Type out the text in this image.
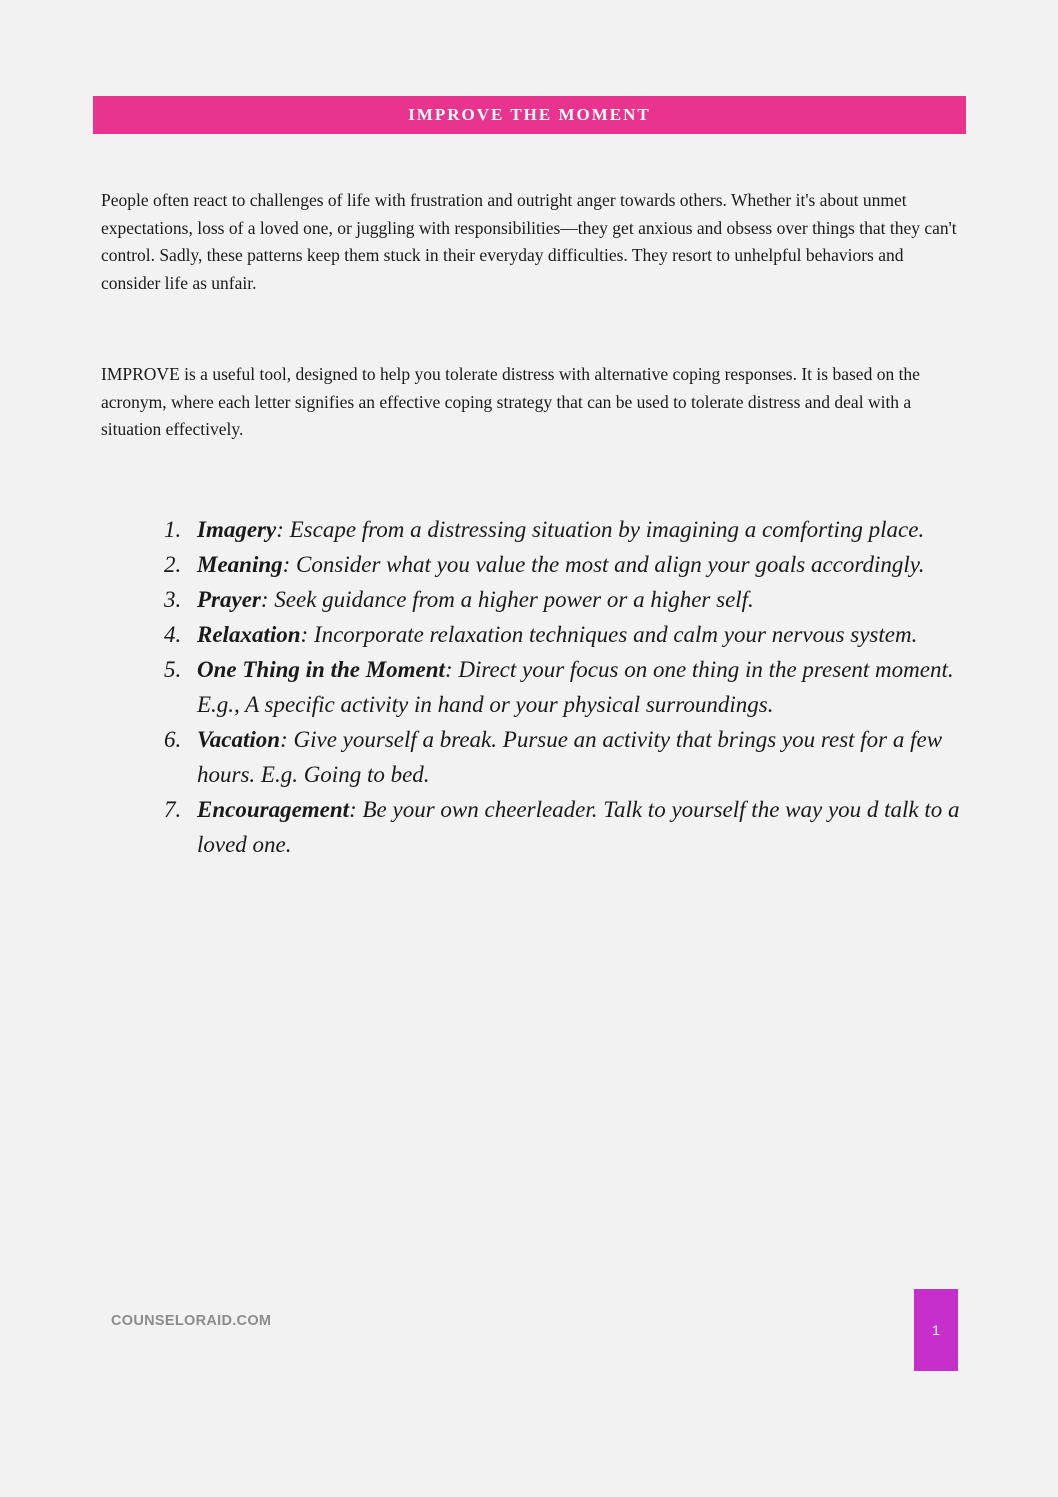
IMPROVE THE MOMENT

People often react to challenges of life with frustration and outright anger towards others. Whether it's about unmet expectations, loss of a loved one, or juggling with responsibilities—they get anxious and obsess over things that they can't control. Sadly, these patterns keep them stuck in their everyday difficulties. They resort to unhelpful behaviors and consider life as unfair.

IMPROVE is a useful tool, designed to help you tolerate distress with alternative coping responses. It is based on the acronym, where each letter signifies an effective coping strategy that can be used to tolerate distress and deal with a situation effectively.

1. Imagery: Escape from a distressing situation by imagining a comforting place.
2. Meaning: Consider what you value the most and align your goals accordingly.
3. Prayer: Seek guidance from a higher power or a higher self.
4. Relaxation: Incorporate relaxation techniques and calm your nervous system.
5. One Thing in the Moment: Direct your focus on one thing in the present moment. E.g., A specific activity in hand or your physical surroundings.
6. Vacation: Give yourself a break. Pursue an activity that brings you rest for a few hours. E.g. Going to bed.
7. Encouragement: Be your own cheerleader. Talk to yourself the way you d talk to a loved one.
COUNSELORAID.COM
1
